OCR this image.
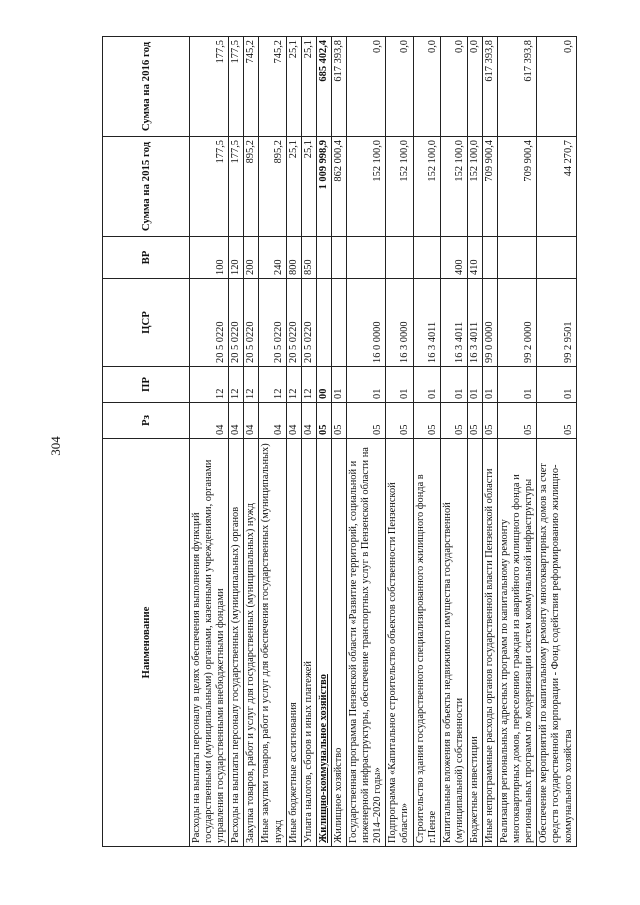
304
Наименование	Рз	ПР	ЦСР	ВР	Сумма на 2015 год	Сумма на 2016 год
Расходы на выплаты персоналу в целях обеспечения выполнения функций государственными (муниципальными) органами, казенными учреждениями, органами управления государственными внебюджетными фондами	04	12	20 5 0220	100	177,5	177,5
Расходы на выплаты персоналу государственных (муниципальных) органов	04	12	20 5 0220	120	177,5	177,5
Закупка товаров, работ и услуг для государственных (муниципальных) нужд	04	12	20 5 0220	200	895,2	745,2
Иные закупки товаров, работ и услуг для обеспечения государственных (муниципальных) нужд	04	12	20 5 0220	240	895,2	745,2
Иные бюджетные ассигнования	04	12	20 5 0220	800	25,1	25,1
Уплата налогов, сборов и иных платежей	04	12	20 5 0220	850	25,1	25,1
Жилищно-коммунальное хозяйство	05	00			1 009 998,9	685 402,4
Жилищное хозяйство	05	01			862 000,4	617 393,8
Государственная программа Пензенской области «Развитие территорий, социальной и инженерной инфраструктуры, обеспечение транспортных услуг в Пензенской области на 2014–2020 годы»	05	01	16 0 0000		152 100,0	0,0
Подпрограмма «Капитальное строительство объектов собственности Пензенской области»	05	01	16 3 0000		152 100,0	0,0
Строительство здания государственного специализированного жилищного фонда в г.Пензе	05	01	16 3 4011		152 100,0	0,0
Капитальные вложения в объекты недвижимого имущества государственной (муниципальной) собственности	05	01	16 3 4011	400	152 100,0	0,0
Бюджетные инвестиции	05	01	16 3 4011	410	152 100,0	0,0
Иные непрограммные расходы органов государственной власти Пензенской области	05	01	99 0 0000		709 900,4	617 393,8
Реализация региональных адресных программ по капитальному ремонту многоквартирных домов, переселению граждан из аварийного жилищного фонда и региональных программ по модернизации систем коммунальной инфраструктуры	05	01	99 2 0000		709 900,4	617 393,8
Обеспечение мероприятий по капитальному ремонту многоквартирных домов за счет средств государственной корпорации - Фонд содействия реформированию жилищно-коммунального хозяйства	05	01	99 2 9501		44 270,7	0,0
